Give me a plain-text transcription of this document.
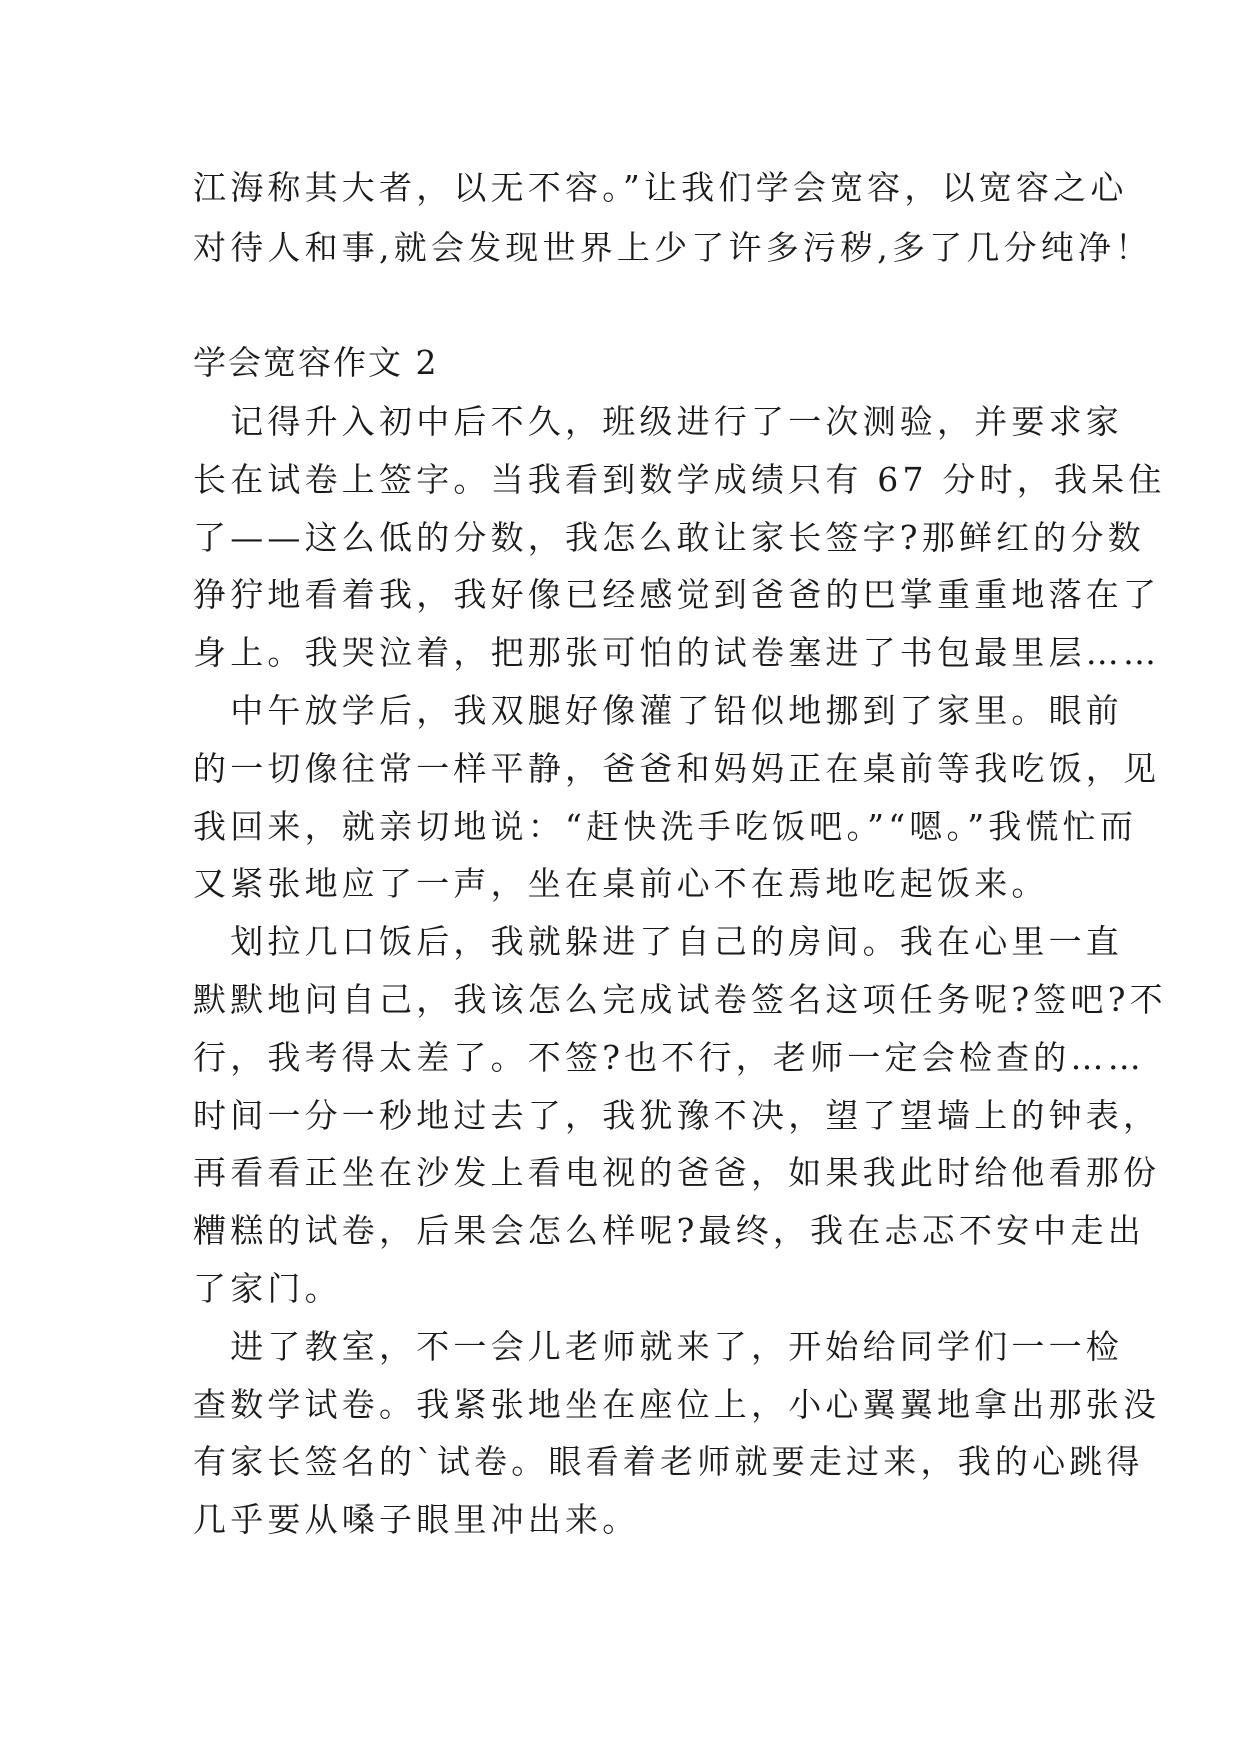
江海称其大者，以无不容。”让我们学会宽容，以宽容之心
对待人和事,就会发现世界上少了许多污秽,多了几分纯净！
学会宽容作文 2
　记得升入初中后不久，班级进行了一次测验，并要求家
长在试卷上签字。当我看到数学成绩只有 67 分时，我呆住
了——这么低的分数，我怎么敢让家长签字?那鲜红的分数
狰狞地看着我，我好像已经感觉到爸爸的巴掌重重地落在了
身上。我哭泣着，把那张可怕的试卷塞进了书包最里层……
　中午放学后，我双腿好像灌了铅似地挪到了家里。眼前
的一切像往常一样平静，爸爸和妈妈正在桌前等我吃饭，见
我回来，就亲切地说：“赶快洗手吃饭吧。”“嗯。”我慌忙而
又紧张地应了一声，坐在桌前心不在焉地吃起饭来。
　划拉几口饭后，我就躲进了自己的房间。我在心里一直
默默地问自己，我该怎么完成试卷签名这项任务呢?签吧?不
行，我考得太差了。不签?也不行，老师一定会检查的……
时间一分一秒地过去了，我犹豫不决，望了望墙上的钟表，
再看看正坐在沙发上看电视的爸爸，如果我此时给他看那份
糟糕的试卷，后果会怎么样呢?最终，我在忐忑不安中走出
了家门。
　进了教室，不一会儿老师就来了，开始给同学们一一检
查数学试卷。我紧张地坐在座位上，小心翼翼地拿出那张没
有家长签名的`试卷。眼看着老师就要走过来，我的心跳得
几乎要从嗓子眼里冲出来。
